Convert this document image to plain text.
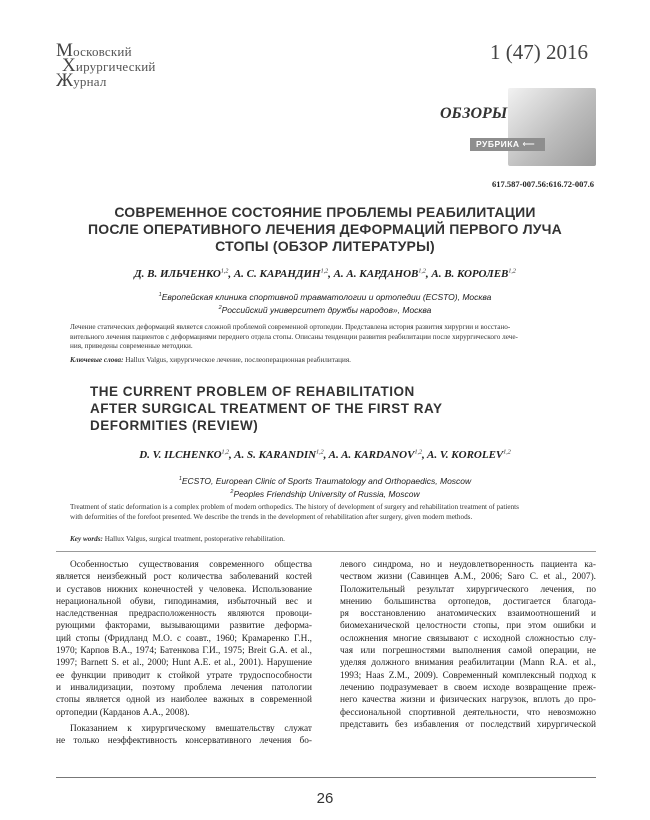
Московский
Хирургический
Журнал
1 (47) 2016
ОБЗОРЫ
РУБРИКА ⟵
617.587-007.56:616.72-007.6
СОВРЕМЕННОЕ СОСТОЯНИЕ ПРОБЛЕМЫ РЕАБИЛИТАЦИИ
ПОСЛЕ ОПЕРАТИВНОГО ЛЕЧЕНИЯ ДЕФОРМАЦИЙ ПЕРВОГО ЛУЧА
СТОПЫ (ОБЗОР ЛИТЕРАТУРЫ)
Д. В. ИЛЬЧЕНКО$^{1,2}$, А. С. КАРАНДИН$^{1,2}$, А. А. КАРДАНОВ$^{1,2}$, А. В. КОРОЛЕВ$^{1,2}$
$^1$Европейская клиника спортивной травматологии и ортопедии (ECSTO), Москва
$^2$Российский университет дружбы народов», Москва
Лечение статических деформаций является сложной проблемой современной ортопедии. Представлена история развития хирургии и восстано-
вительного лечения пациентов с деформациями переднего отдела стопы. Описаны тенденции развития реабилитации после хирургического лече-
ния, приведены современные методики.
Ключевые слова: Hallux Valgus, хирургическое лечение, послеоперационная реабилитация.
THE CURRENT PROBLEM OF REHABILITATION
AFTER SURGICAL TREATMENT OF THE FIRST RAY
DEFORMITIES (REVIEW)
D. V. ILCHENKO$^{1,2}$, A. S. KARANDIN$^{1,2}$, A. A. KARDANOV$^{1,2}$, A. V. KOROLEV$^{1,2}$
$^1$ECSTO, European Clinic of Sports Traumatology and Orthopaedics, Moscow
$^2$Peoples Friendship University of Russia, Moscow
Treatment of static deformation is a complex problem of modern orthopedics. The history of development of surgery and rehabilitation treatment of patients
with deformities of the forefoot presented. We describe the trends in the development of rehabilitation after surgery, given modern methods.
Key words: Hallux Valgus, surgical treatment, postoperative rehabilitation.
Особенностью существования современного общества
является неизбежный рост количества заболеваний костей
и суставов нижних конечностей у человека. Использование
нерациональной обуви, гиподинамия, избыточный вес и
наследственная предрасположенность являются провоци-
рующими факторами, вызывающими развитие деформа-
ций стопы (Фридланд М.О. с соавт., 1960; Крамаренко Г.Н.,
1970; Карпов В.А., 1974; Батенкова Г.И., 1975; Breit G.A. et al.,
1997; Barnett S. et al., 2000; Hunt A.E. et al., 2001). Нарушение
ее функции приводит к стойкой утрате трудоспособности
и инвалидизации, поэтому проблема лечения патологии
стопы является одной из наиболее важных в современной
ортопедии (Карданов А.А., 2008).
Показанием к хирургическому вмешательству служат
не только неэффективность консервативного лечения бо-
левого синдрома, но и неудовлетворенность пациента ка-
чеством жизни (Савинцев А.М., 2006; Saro C. et al., 2007).
Положительный результат хирургического лечения, по
мнению большинства ортопедов, достигается благода-
ря восстановлению анатомических взаимоотношений и
биомеханической целостности стопы, при этом ошибки и
осложнения многие связывают с исходной сложностью слу-
чая или погрешностями выполнения самой операции, не
уделяя должного внимания реабилитации (Mann R.A. et al.,
1993; Haas Z.M., 2009). Современный комплексный подход к
лечению подразумевает в своем исходе возвращение преж-
него качества жизни и физических нагрузок, вплоть до про-
фессиональной спортивной деятельности, что невозможно
представить без избавления от последствий хирургической
26
